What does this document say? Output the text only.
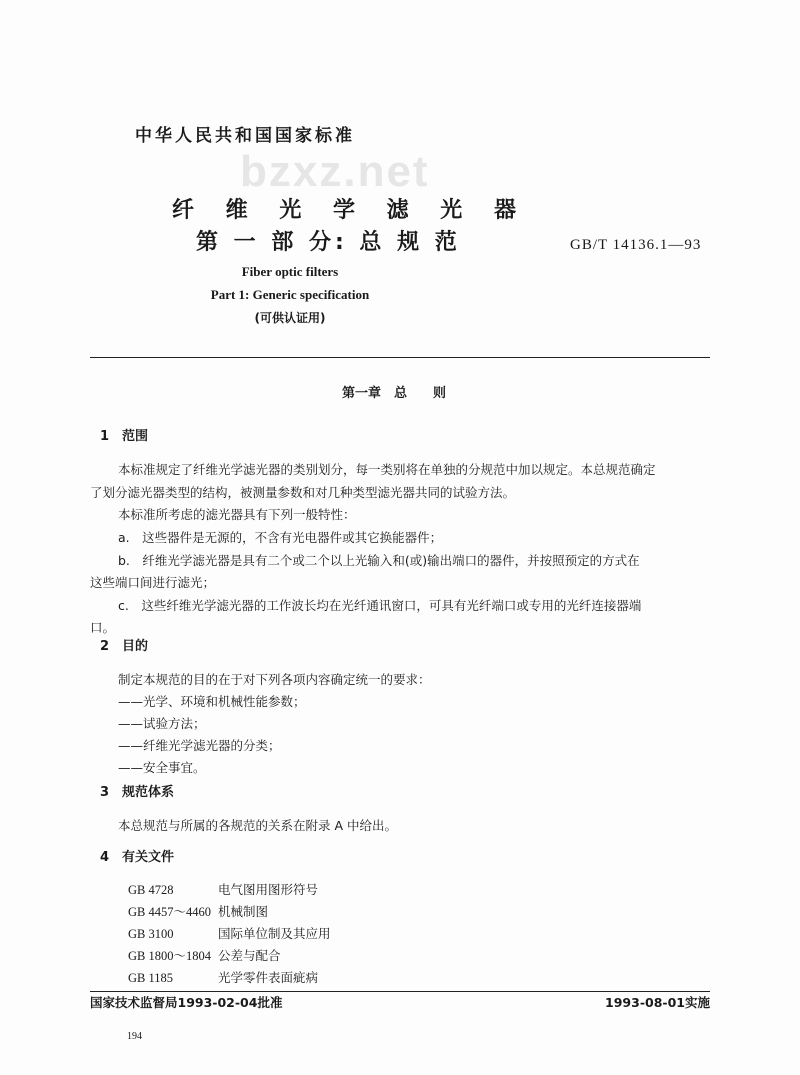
bzxz.net
中华人民共和国国家标准
纤 维 光 学 滤 光 器
第 一 部 分: 总 规 范	GB/T 14136.1—93
Fiber optic filters
Part 1: Generic specification
(可供认证用)
第一章　总　　则
国家技术监督局1993-02-04批准	1993-08-01实施
194
1　范围
本标准规定了纤维光学滤光器的类别划分，每一类别将在单独的分规范中加以规定。本总规范确定
了划分滤光器类型的结构，被测量参数和对几种类型滤光器共同的试验方法。
本标准所考虑的滤光器具有下列一般特性：
a.　这些器件是无源的，不含有光电器件或其它换能器件；
b.　纤维光学滤光器是具有二个或二个以上光输入和(或)输出端口的器件，并按照预定的方式在
这些端口间进行滤光；
c.　这些纤维光学滤光器的工作波长均在光纤通讯窗口，可具有光纤端口或专用的光纤连接器端
口。
2　目的
制定本规范的目的在于对下列各项内容确定统一的要求：
——光学、环境和机械性能参数；
——试验方法；
——纤维光学滤光器的分类；
——安全事宜。
3　规范体系
本总规范与所属的各规范的关系在附录 A 中给出。
4　有关文件
GB 4728	电气图用图形符号
GB 4457～4460 机械制图
GB 3100	国际单位制及其应用
GB 1800～1804 公差与配合
GB 1185	光学零件表面疵病
